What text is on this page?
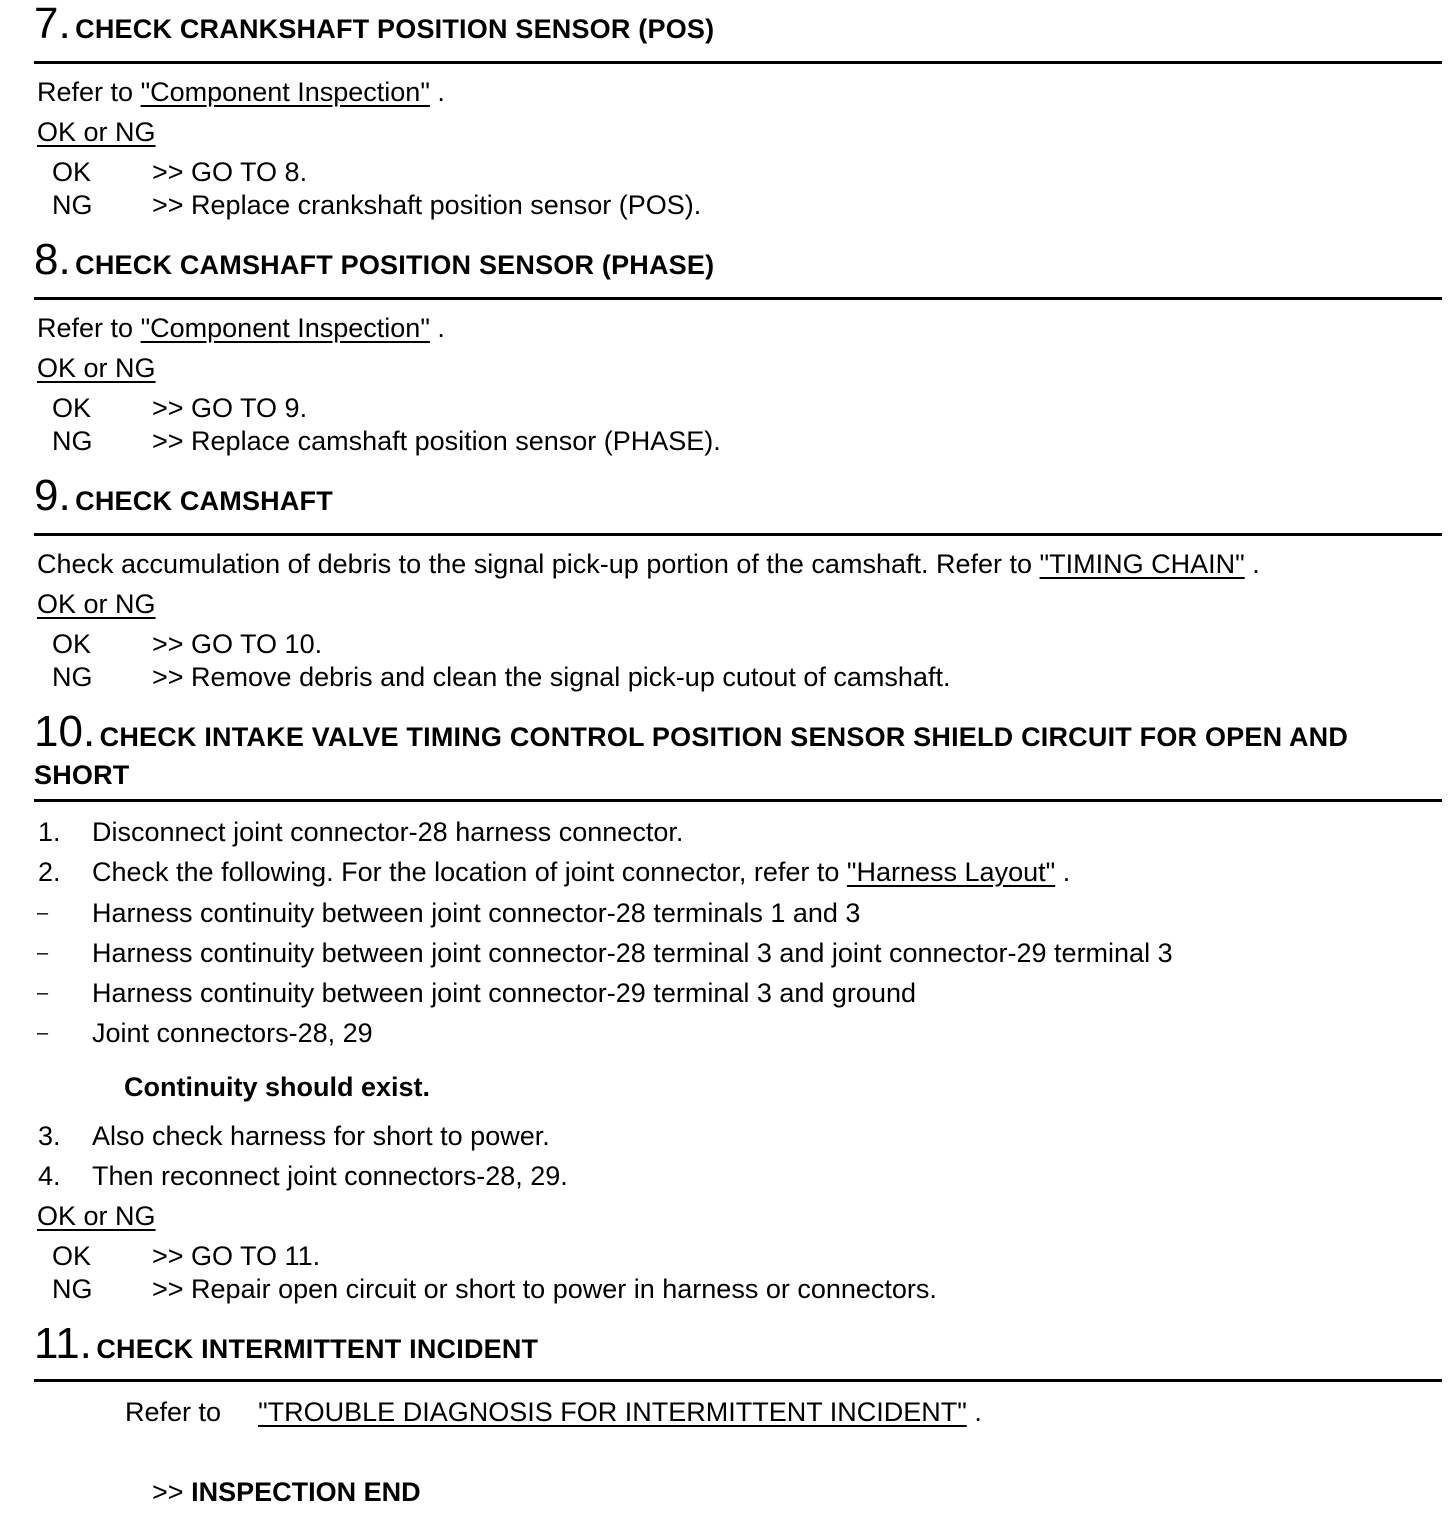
7. CHECK CRANKSHAFT POSITION SENSOR (POS)
Refer to "Component Inspection" .
OK or NG
OK >> GO TO 8.
NG >> Replace crankshaft position sensor (POS).
8. CHECK CAMSHAFT POSITION SENSOR (PHASE)
Refer to "Component Inspection" .
OK or NG
OK >> GO TO 9.
NG >> Replace camshaft position sensor (PHASE).
9. CHECK CAMSHAFT
Check accumulation of debris to the signal pick-up portion of the camshaft. Refer to "TIMING CHAIN" .
OK or NG
OK >> GO TO 10.
NG >> Remove debris and clean the signal pick-up cutout of camshaft.
10. CHECK INTAKE VALVE TIMING CONTROL POSITION SENSOR SHIELD CIRCUIT FOR OPEN AND
SHORT
1. Disconnect joint connector-28 harness connector.
2. Check the following. For the location of joint connector, refer to "Harness Layout" .
– Harness continuity between joint connector-28 terminals 1 and 3
– Harness continuity between joint connector-28 terminal 3 and joint connector-29 terminal 3
– Harness continuity between joint connector-29 terminal 3 and ground
– Joint connectors-28, 29
Continuity should exist.
3. Also check harness for short to power.
4. Then reconnect joint connectors-28, 29.
OK or NG
OK >> GO TO 11.
NG >> Repair open circuit or short to power in harness or connectors.
11. CHECK INTERMITTENT INCIDENT
Refer to "TROUBLE DIAGNOSIS FOR INTERMITTENT INCIDENT" .
>> INSPECTION END
